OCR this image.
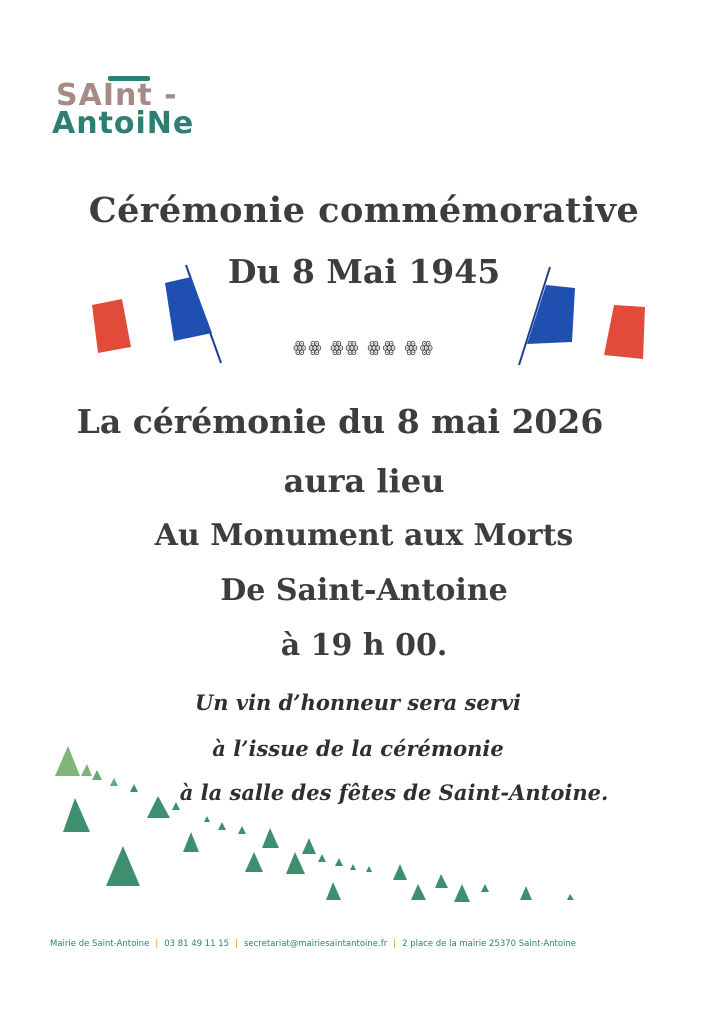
SAInt -
AntoiNe
Cérémonie commémorative
Du 8 Mai 1945
ꙮꙮ ꙮꙮ ꙮꙮ ꙮꙮ
La cérémonie du 8 mai 2026
aura lieu
Au Monument aux Morts
De Saint-Antoine
à 19 h 00.
Un vin d’honneur sera servi
à l’issue de la cérémonie
à la salle des fêtes de Saint-Antoine.
Mairie de Saint-Antoine | 03 81 49 11 15 | secretariat@mairiesaintantoine.fr | 2 place de la mairie 25370 Saint-Antoine
